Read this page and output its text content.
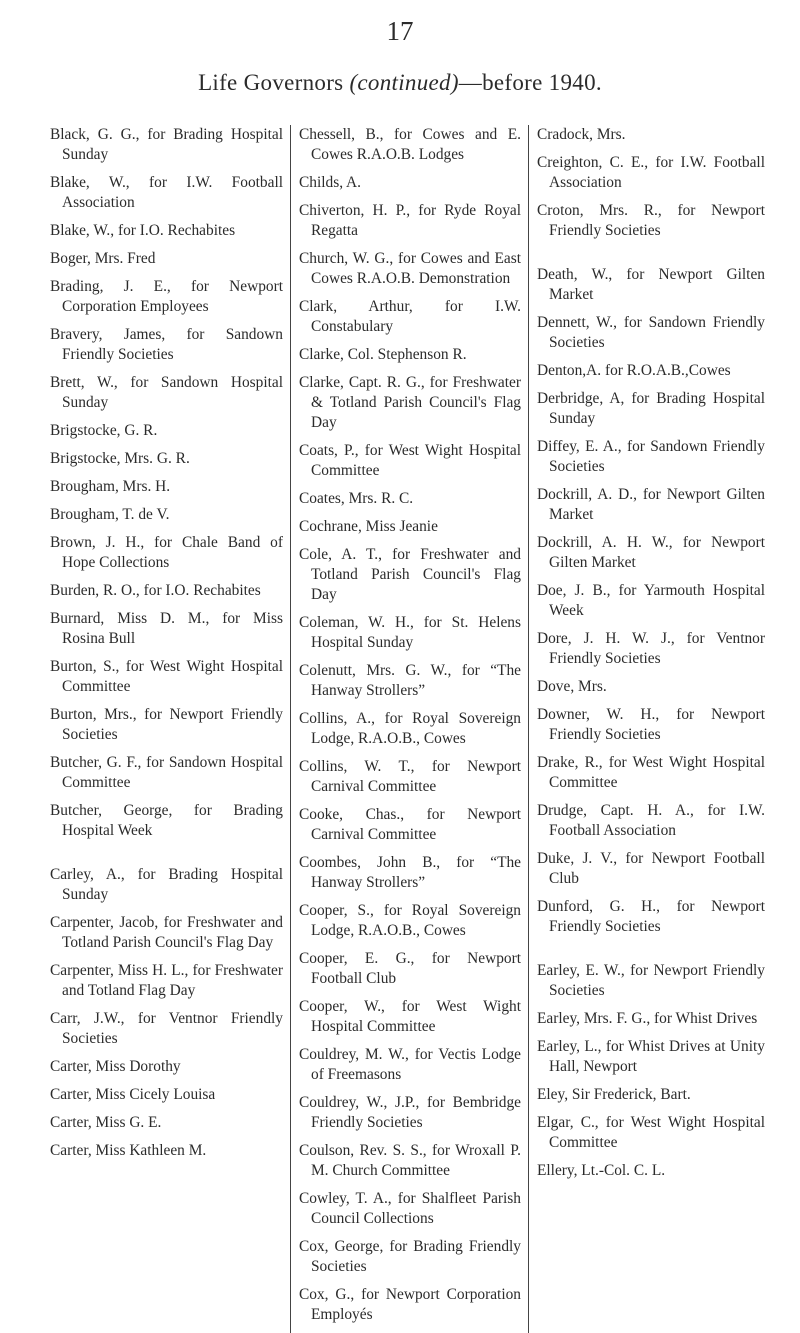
17
Life Governors (continued)—before 1940.
Black, G. G., for Brading Hospital Sunday
Blake, W., for I.W. Football Association
Blake, W., for I.O. Rechabites
Boger, Mrs. Fred
Brading, J. E., for Newport Corporation Employees
Bravery, James, for Sandown Friendly Societies
Brett, W., for Sandown Hospital Sunday
Brigstocke, G. R.
Brigstocke, Mrs. G. R.
Brougham, Mrs. H.
Brougham, T. de V.
Brown, J. H., for Chale Band of Hope Collections
Burden, R. O., for I.O. Rechabites
Burnard, Miss D. M., for Miss Rosina Bull
Burton, S., for West Wight Hospital Committee
Burton, Mrs., for Newport Friendly Societies
Butcher, G. F., for Sandown Hospital Committee
Butcher, George, for Brading Hospital Week
Carley, A., for Brading Hospital Sunday
Carpenter, Jacob, for Freshwater and Totland Parish Council's Flag Day
Carpenter, Miss H. L., for Freshwater and Totland Flag Day
Carr, J.W., for Ventnor Friendly Societies
Carter, Miss Dorothy
Carter, Miss Cicely Louisa
Carter, Miss G. E.
Carter, Miss Kathleen M.
Chessell, B., for Cowes and E. Cowes R.A.O.B. Lodges
Childs, A.
Chiverton, H. P., for Ryde Royal Regatta
Church, W. G., for Cowes and East Cowes R.A.O.B. Demonstration
Clark, Arthur, for I.W. Constabulary
Clarke, Col. Stephenson R.
Clarke, Capt. R. G., for Freshwater & Totland Parish Council's Flag Day
Coats, P., for West Wight Hospital Committee
Coates, Mrs. R. C.
Cochrane, Miss Jeanie
Cole, A. T., for Freshwater and Totland Parish Council's Flag Day
Coleman, W. H., for St. Helens Hospital Sunday
Colenutt, Mrs. G. W., for “The Hanway Strollers”
Collins, A., for Royal Sovereign Lodge, R.A.O.B., Cowes
Collins, W. T., for Newport Carnival Committee
Cooke, Chas., for Newport Carnival Committee
Coombes, John B., for “The Hanway Strollers”
Cooper, S., for Royal Sovereign Lodge, R.A.O.B., Cowes
Cooper, E. G., for Newport Football Club
Cooper, W., for West Wight Hospital Committee
Couldrey, M. W., for Vectis Lodge of Freemasons
Couldrey, W., J.P., for Bembridge Friendly Societies
Coulson, Rev. S. S., for Wroxall P. M. Church Committee
Cowley, T. A., for Shalfleet Parish Council Collections
Cox, George, for Brading Friendly Societies
Cox, G., for Newport Corporation Employés
Cradock, Mrs.
Creighton, C. E., for I.W. Football Association
Croton, Mrs. R., for Newport Friendly Societies
Death, W., for Newport Gilten Market
Dennett, W., for Sandown Friendly Societies
Denton,A. for R.O.A.B.,Cowes
Derbridge, A, for Brading Hospital Sunday
Diffey, E. A., for Sandown Friendly Societies
Dockrill, A. D., for Newport Gilten Market
Dockrill, A. H. W., for Newport Gilten Market
Doe, J. B., for Yarmouth Hospital Week
Dore, J. H. W. J., for Ventnor Friendly Societies
Dove, Mrs.
Downer, W. H., for Newport Friendly Societies
Drake, R., for West Wight Hospital Committee
Drudge, Capt. H. A., for I.W. Football Association
Duke, J. V., for Newport Football Club
Dunford, G. H., for Newport Friendly Societies
Earley, E. W., for Newport Friendly Societies
Earley, Mrs. F. G., for Whist Drives
Earley, L., for Whist Drives at Unity Hall, Newport
Eley, Sir Frederick, Bart.
Elgar, C., for West Wight Hospital Committee
Ellery, Lt.-Col. C. L.
